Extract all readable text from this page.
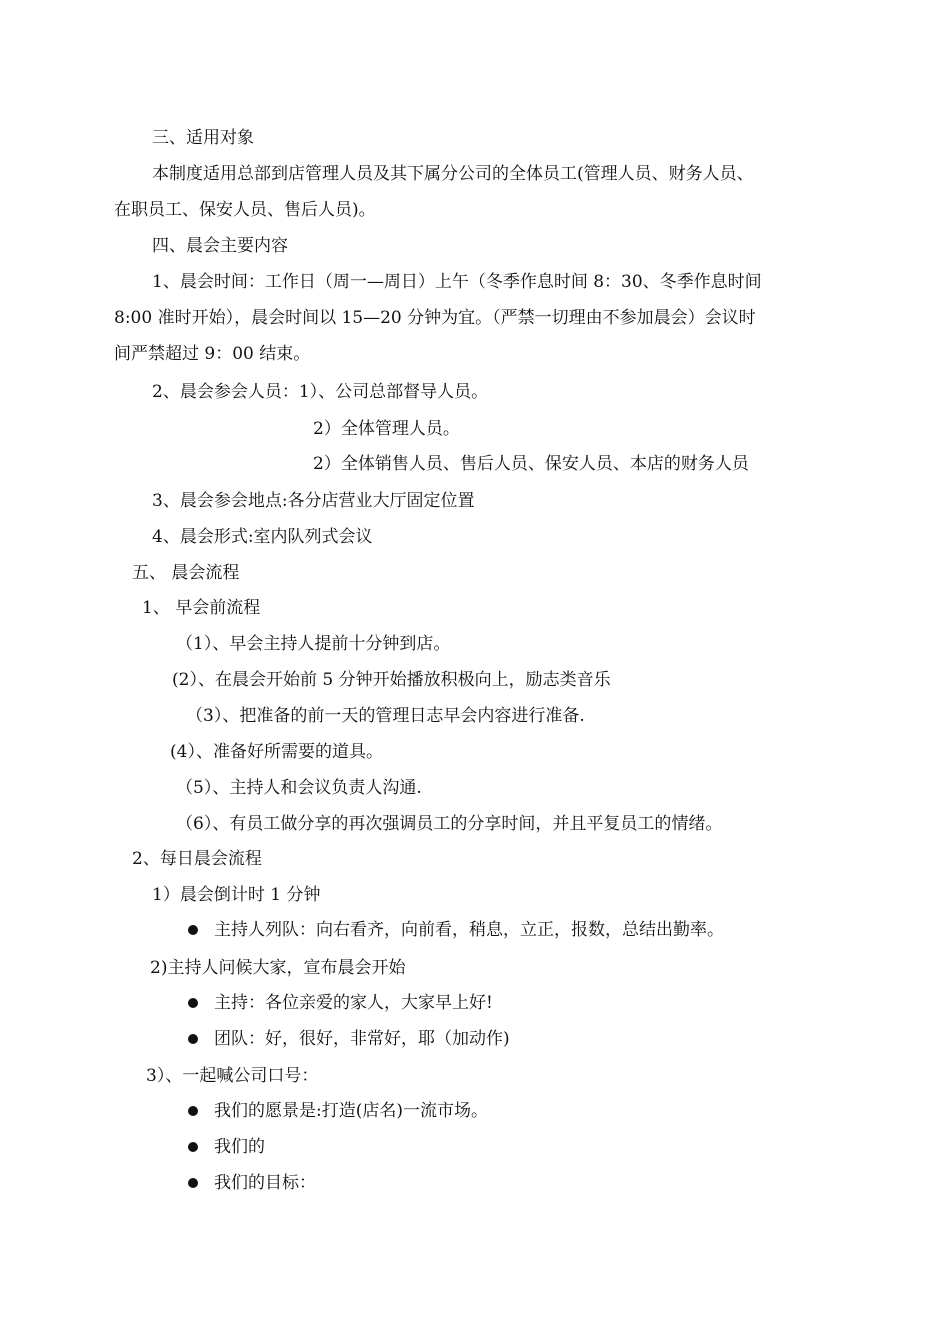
三、适用对象
本制度适用总部到店管理人员及其下属分公司的全体员工(管理人员、财务人员、
在职员工、保安人员、售后人员)。
四、晨会主要内容
1、晨会时间：工作日（周一—周日）上午（冬季作息时间 8：30、冬季作息时间
8:00 准时开始），晨会时间以 15—20 分钟为宜。（严禁一切理由不参加晨会）会议时
间严禁超过 9：00 结束。
2、晨会参会人员：1）、公司总部督导人员。
2）全体管理人员。
2）全体销售人员、售后人员、保安人员、本店的财务人员
3、晨会参会地点:各分店营业大厅固定位置
4、晨会形式:室内队列式会议
五、 晨会流程
1、 早会前流程
（1）、早会主持人提前十分钟到店。
(2）、在晨会开始前 5 分钟开始播放积极向上，励志类音乐
（3）、把准备的前一天的管理日志早会内容进行准备.
(4）、准备好所需要的道具。
（5）、主持人和会议负责人沟通.
（6）、有员工做分享的再次强调员工的分享时间，并且平复员工的情绪。
2、每日晨会流程
1）晨会倒计时 1 分钟
主持人列队：向右看齐，向前看，稍息，立正，报数，总结出勤率。
2)主持人问候大家，宣布晨会开始
主持：各位亲爱的家人，大家早上好!
团队：好，很好，非常好，耶（加动作)
3）、一起喊公司口号：
我们的愿景是:打造(店名)一流市场。
我们的
我们的目标：
